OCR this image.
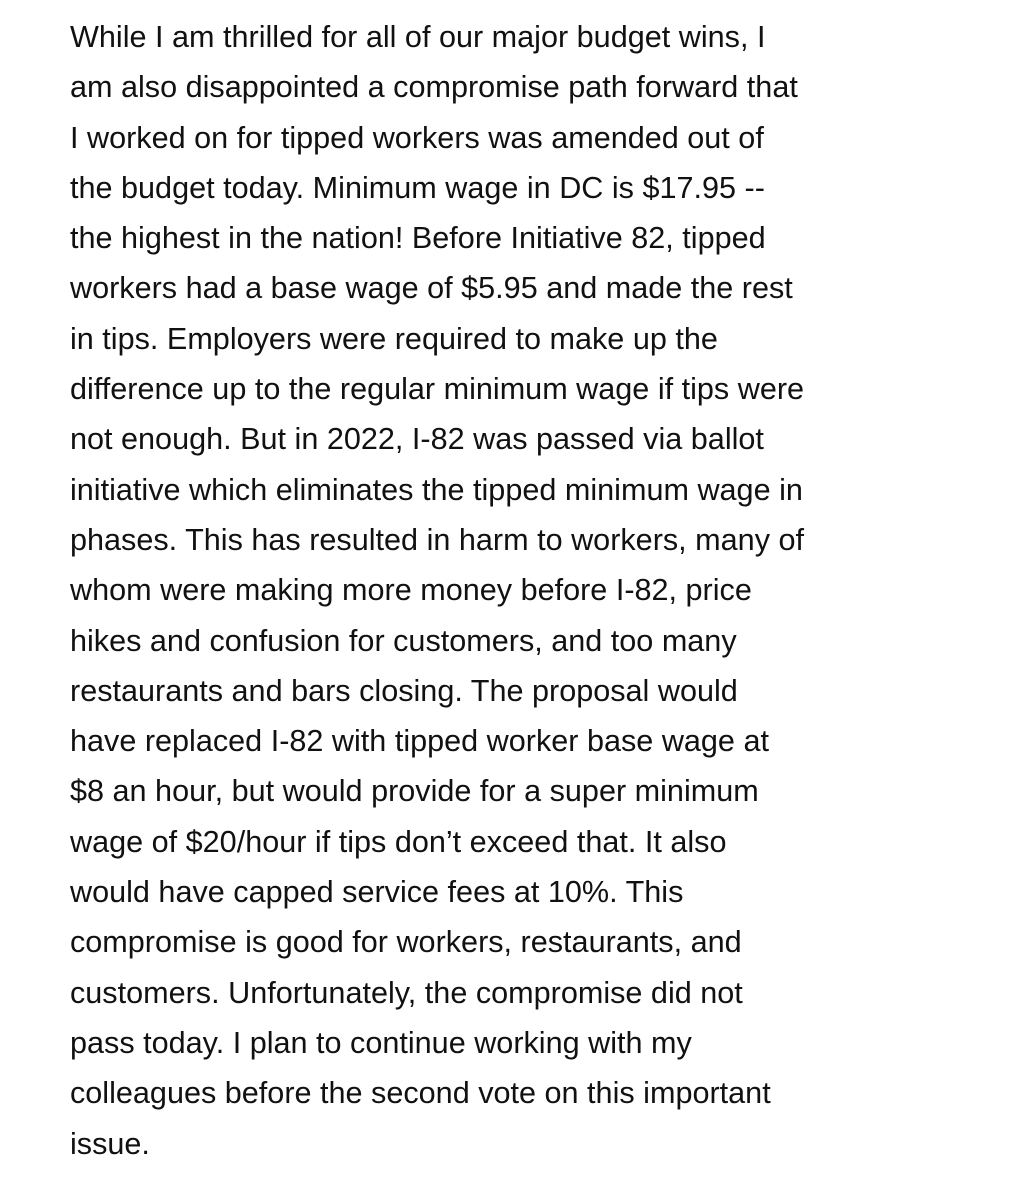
While I am thrilled for all of our major budget wins, I
am also disappointed a compromise path forward that
I worked on for tipped workers was amended out of
the budget today. Minimum wage in DC is $17.95 --
the highest in the nation! Before Initiative 82, tipped
workers had a base wage of $5.95 and made the rest
in tips. Employers were required to make up the
difference up to the regular minimum wage if tips were
not enough. But in 2022, I-82 was passed via ballot
initiative which eliminates the tipped minimum wage in
phases. This has resulted in harm to workers, many of
whom were making more money before I-82, price
hikes and confusion for customers, and too many
restaurants and bars closing. The proposal would
have replaced I-82 with tipped worker base wage at
$8 an hour, but would provide for a super minimum
wage of $20/hour if tips don’t exceed that. It also
would have capped service fees at 10%. This
compromise is good for workers, restaurants, and
customers. Unfortunately, the compromise did not
pass today. I plan to continue working with my
colleagues before the second vote on this important
issue.
